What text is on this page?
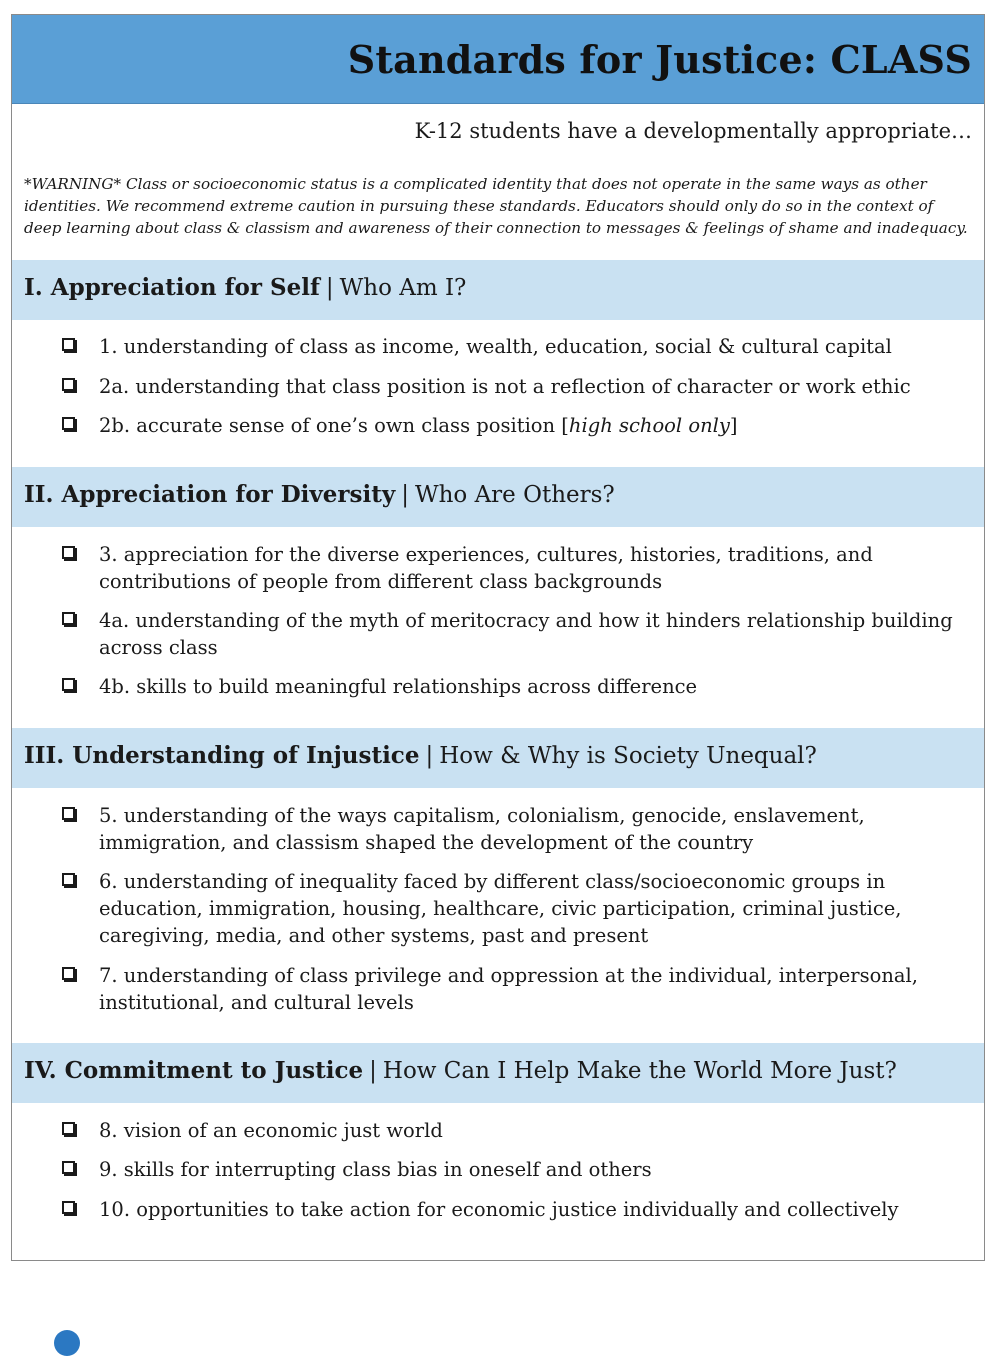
Standards for Justice: CLASS
K-12 students have a developmentally appropriate…
*WARNING* Class or socioeconomic status is a complicated identity that does not operate in the same ways as other identities. We recommend extreme caution in pursuing these standards. Educators should only do so in the context of deep learning about class & classism and awareness of their connection to messages & feelings of shame and inadequacy.
I. Appreciation for Self | Who Am I?
1. understanding of class as income, wealth, education, social & cultural capital
2a. understanding that class position is not a reflection of character or work ethic
2b. accurate sense of one’s own class position [high school only]
II. Appreciation for Diversity | Who Are Others?
3. appreciation for the diverse experiences, cultures, histories, traditions, and contributions of people from different class backgrounds
4a. understanding of the myth of meritocracy and how it hinders relationship building across class
4b. skills to build meaningful relationships across difference
III. Understanding of Injustice | How & Why is Society Unequal?
5. understanding of the ways capitalism, colonialism, genocide, enslavement, immigration, and classism shaped the development of the country
6. understanding of inequality faced by different class/socioeconomic groups in education, immigration, housing, healthcare, civic participation, criminal justice, caregiving, media, and other systems, past and present
7. understanding of class privilege and oppression at the individual, interpersonal, institutional, and cultural levels
IV. Commitment to Justice | How Can I Help Make the World More Just?
8. vision of an economic just world
9. skills for interrupting class bias in oneself and others
10. opportunities to take action for economic justice individually and collectively
